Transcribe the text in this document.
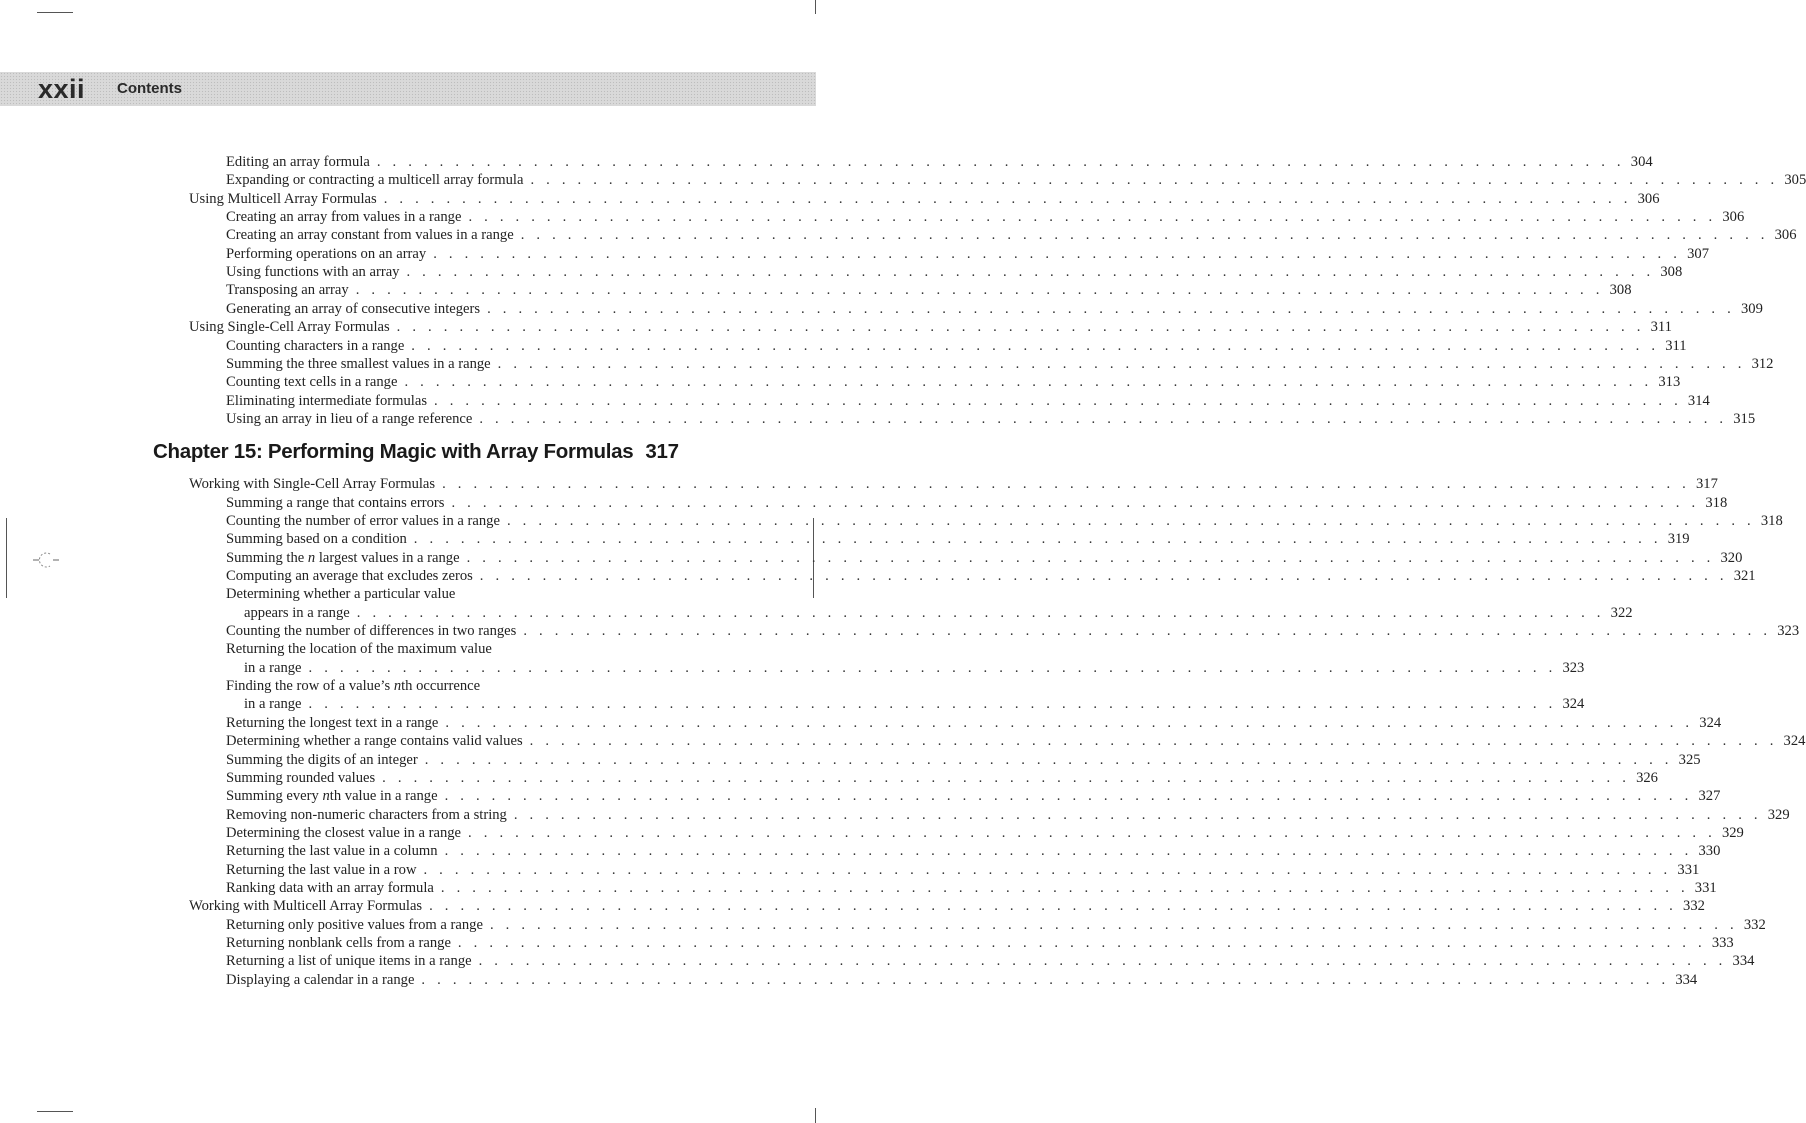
xxii Contents
Editing an array formula . . . . . . . . . . . . . . . . . . . . . . . . . . . . . . . . . . . . . . . . . . . . . . . . . . . . . . . . . . . . . . . . . . . . . . . . . . . . . . . . 304
Expanding or contracting a multicell array formula . . . . . . . . . . . . . . . . . . . . . . . . . . . . . . . . . . . . . . . . . . . . . . . . . . . . . . . . . . . . . . . . . . . . . . . . . . . . . . . . 305
Using Multicell Array Formulas . . . . . . . . . . . . . . . . . . . . . . . . . . . . . . . . . . . . . . . . . . . . . . . . . . . . . . . . . . . . . . . . . . . . . . . . . . . . . . . . 306
Creating an array from values in a range . . . . . . . . . . . . . . . . . . . . . . . . . . . . . . . . . . . . . . . . . . . . . . . . . . . . . . . . . . . . . . . . . . . . . . . . . . . . . . . . 306
Creating an array constant from values in a range . . . . . . . . . . . . . . . . . . . . . . . . . . . . . . . . . . . . . . . . . . . . . . . . . . . . . . . . . . . . . . . . . . . . . . . . . . . . . . . . 306
Performing operations on an array . . . . . . . . . . . . . . . . . . . . . . . . . . . . . . . . . . . . . . . . . . . . . . . . . . . . . . . . . . . . . . . . . . . . . . . . . . . . . . . . 307
Using functions with an array . . . . . . . . . . . . . . . . . . . . . . . . . . . . . . . . . . . . . . . . . . . . . . . . . . . . . . . . . . . . . . . . . . . . . . . . . . . . . . . . 308
Transposing an array . . . . . . . . . . . . . . . . . . . . . . . . . . . . . . . . . . . . . . . . . . . . . . . . . . . . . . . . . . . . . . . . . . . . . . . . . . . . . . . . 308
Generating an array of consecutive integers . . . . . . . . . . . . . . . . . . . . . . . . . . . . . . . . . . . . . . . . . . . . . . . . . . . . . . . . . . . . . . . . . . . . . . . . . . . . . . . . 309
Using Single-Cell Array Formulas . . . . . . . . . . . . . . . . . . . . . . . . . . . . . . . . . . . . . . . . . . . . . . . . . . . . . . . . . . . . . . . . . . . . . . . . . . . . . . . . 311
Counting characters in a range . . . . . . . . . . . . . . . . . . . . . . . . . . . . . . . . . . . . . . . . . . . . . . . . . . . . . . . . . . . . . . . . . . . . . . . . . . . . . . . . 311
Summing the three smallest values in a range . . . . . . . . . . . . . . . . . . . . . . . . . . . . . . . . . . . . . . . . . . . . . . . . . . . . . . . . . . . . . . . . . . . . . . . . . . . . . . . . 312
Counting text cells in a range . . . . . . . . . . . . . . . . . . . . . . . . . . . . . . . . . . . . . . . . . . . . . . . . . . . . . . . . . . . . . . . . . . . . . . . . . . . . . . . . 313
Eliminating intermediate formulas . . . . . . . . . . . . . . . . . . . . . . . . . . . . . . . . . . . . . . . . . . . . . . . . . . . . . . . . . . . . . . . . . . . . . . . . . . . . . . . . 314
Using an array in lieu of a range reference . . . . . . . . . . . . . . . . . . . . . . . . . . . . . . . . . . . . . . . . . . . . . . . . . . . . . . . . . . . . . . . . . . . . . . . . . . . . . . . . 315
Chapter 15: Performing Magic with Array Formulas 317
Working with Single-Cell Array Formulas . . . . . . . . . . . . . . . . . . . . . . . . . . . . . . . . . . . . . . . . . . . . . . . . . . . . . . . . . . . . . . . . . . . . . . . . . . . . . . . . 317
Summing a range that contains errors . . . . . . . . . . . . . . . . . . . . . . . . . . . . . . . . . . . . . . . . . . . . . . . . . . . . . . . . . . . . . . . . . . . . . . . . . . . . . . . . 318
Counting the number of error values in a range . . . . . . . . . . . . . . . . . . . . . . . . . . . . . . . . . . . . . . . . . . . . . . . . . . . . . . . . . . . . . . . . . . . . . . . . . . . . . . . . 318
Summing based on a condition . . . . . . . . . . . . . . . . . . . . . . . . . . . . . . . . . . . . . . . . . . . . . . . . . . . . . . . . . . . . . . . . . . . . . . . . . . . . . . . . 319
Summing the n largest values in a range . . . . . . . . . . . . . . . . . . . . . . . . . . . . . . . . . . . . . . . . . . . . . . . . . . . . . . . . . . . . . . . . . . . . . . . . . . . . . . . . 320
Computing an average that excludes zeros . . . . . . . . . . . . . . . . . . . . . . . . . . . . . . . . . . . . . . . . . . . . . . . . . . . . . . . . . . . . . . . . . . . . . . . . . . . . . . . . 321
Determining whether a particular value
appears in a range . . . . . . . . . . . . . . . . . . . . . . . . . . . . . . . . . . . . . . . . . . . . . . . . . . . . . . . . . . . . . . . . . . . . . . . . . . . . . . . . 322
Counting the number of differences in two ranges . . . . . . . . . . . . . . . . . . . . . . . . . . . . . . . . . . . . . . . . . . . . . . . . . . . . . . . . . . . . . . . . . . . . . . . . . . . . . . . . 323
Returning the location of the maximum value
in a range . . . . . . . . . . . . . . . . . . . . . . . . . . . . . . . . . . . . . . . . . . . . . . . . . . . . . . . . . . . . . . . . . . . . . . . . . . . . . . . . 323
Finding the row of a value’s nth occurrence
in a range . . . . . . . . . . . . . . . . . . . . . . . . . . . . . . . . . . . . . . . . . . . . . . . . . . . . . . . . . . . . . . . . . . . . . . . . . . . . . . . . 324
Returning the longest text in a range . . . . . . . . . . . . . . . . . . . . . . . . . . . . . . . . . . . . . . . . . . . . . . . . . . . . . . . . . . . . . . . . . . . . . . . . . . . . . . . . 324
Determining whether a range contains valid values . . . . . . . . . . . . . . . . . . . . . . . . . . . . . . . . . . . . . . . . . . . . . . . . . . . . . . . . . . . . . . . . . . . . . . . . . . . . . . . . 324
Summing the digits of an integer . . . . . . . . . . . . . . . . . . . . . . . . . . . . . . . . . . . . . . . . . . . . . . . . . . . . . . . . . . . . . . . . . . . . . . . . . . . . . . . . 325
Summing rounded values . . . . . . . . . . . . . . . . . . . . . . . . . . . . . . . . . . . . . . . . . . . . . . . . . . . . . . . . . . . . . . . . . . . . . . . . . . . . . . . . 326
Summing every nth value in a range . . . . . . . . . . . . . . . . . . . . . . . . . . . . . . . . . . . . . . . . . . . . . . . . . . . . . . . . . . . . . . . . . . . . . . . . . . . . . . . . 327
Removing non-numeric characters from a string . . . . . . . . . . . . . . . . . . . . . . . . . . . . . . . . . . . . . . . . . . . . . . . . . . . . . . . . . . . . . . . . . . . . . . . . . . . . . . . . 329
Determining the closest value in a range . . . . . . . . . . . . . . . . . . . . . . . . . . . . . . . . . . . . . . . . . . . . . . . . . . . . . . . . . . . . . . . . . . . . . . . . . . . . . . . . 329
Returning the last value in a column . . . . . . . . . . . . . . . . . . . . . . . . . . . . . . . . . . . . . . . . . . . . . . . . . . . . . . . . . . . . . . . . . . . . . . . . . . . . . . . . 330
Returning the last value in a row . . . . . . . . . . . . . . . . . . . . . . . . . . . . . . . . . . . . . . . . . . . . . . . . . . . . . . . . . . . . . . . . . . . . . . . . . . . . . . . . 331
Ranking data with an array formula . . . . . . . . . . . . . . . . . . . . . . . . . . . . . . . . . . . . . . . . . . . . . . . . . . . . . . . . . . . . . . . . . . . . . . . . . . . . . . . . 331
Working with Multicell Array Formulas . . . . . . . . . . . . . . . . . . . . . . . . . . . . . . . . . . . . . . . . . . . . . . . . . . . . . . . . . . . . . . . . . . . . . . . . . . . . . . . . 332
Returning only positive values from a range . . . . . . . . . . . . . . . . . . . . . . . . . . . . . . . . . . . . . . . . . . . . . . . . . . . . . . . . . . . . . . . . . . . . . . . . . . . . . . . . 332
Returning nonblank cells from a range . . . . . . . . . . . . . . . . . . . . . . . . . . . . . . . . . . . . . . . . . . . . . . . . . . . . . . . . . . . . . . . . . . . . . . . . . . . . . . . . 333
Returning a list of unique items in a range . . . . . . . . . . . . . . . . . . . . . . . . . . . . . . . . . . . . . . . . . . . . . . . . . . . . . . . . . . . . . . . . . . . . . . . . . . . . . . . . 334
Displaying a calendar in a range . . . . . . . . . . . . . . . . . . . . . . . . . . . . . . . . . . . . . . . . . . . . . . . . . . . . . . . . . . . . . . . . . . . . . . . . . . . . . . . . 334
